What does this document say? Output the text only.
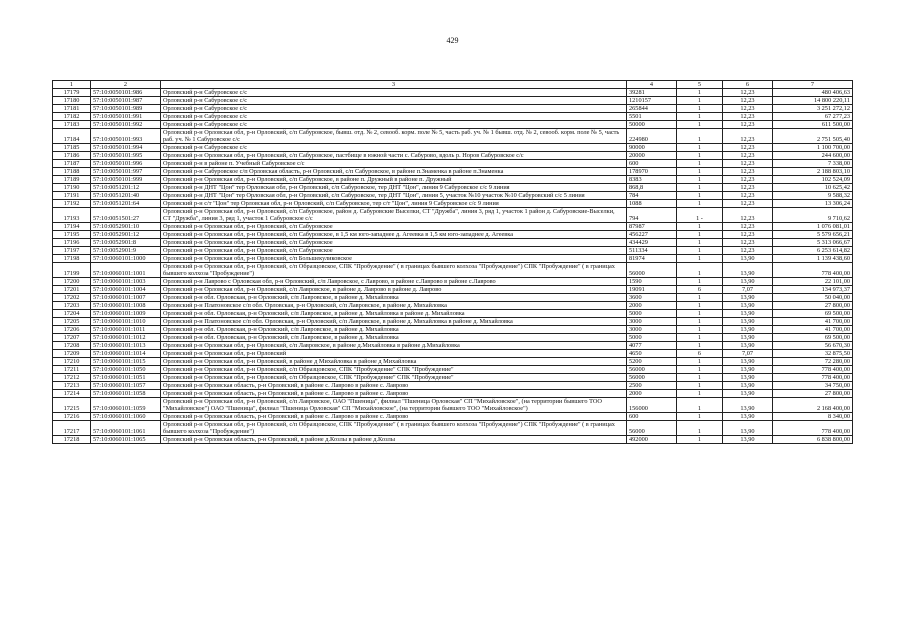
429
1	2	3	4	5	6	7
17179	57:10:0050101:986	Орловский р-н Сабуровское с/с	39281	1	12,23	480 406,63
17180	57:10:0050101:987	Орловский р-н Сабуровское с/с	1210157	1	12,23	14 800 220,11
17181	57:10:0050101:989	Орловский р-н Сабуровское с/с	265844	1	12,23	3 251 272,12
17182	57:10:0050101:991	Орловский р-н Сабуровское с/с	5501	1	12,23	67 277,23
17183	57:10:0050101:992	Орловский р-н Сабуровское с/с	50000	1	12,23	611 500,00
17184	57:10:0050101:993	Орловский р-н Орловская обл, р-н Орловский, с/п Сабуровское, бывш. отд. № 2, севооб. корм. поле № 5, часть раб. уч. № 1 бывш. отд. № 2, севооб. корм. поле № 5, часть раб. уч. № 1 Сабуровское с/с	224980	1	12,23	2 751 505,40
17185	57:10:0050101:994	Орловский р-н Сабуровское с/с	90000	1	12,23	1 100 700,00
17186	57:10:0050101:995	Орловский р-н Орловская обл, р-н Орловский, с/п Сабуровское, пастбище в южной части с. Сабурово, вдоль р. Норов Сабуровское с/с	20000	1	12,23	244 600,00
17187	57:10:0050101:996	Орловский р-н в районе п. Учебный Сабуровское с/с	600	1	12,23	7 338,00
17188	57:10:0050101:997	Орловский р-н Сабуровское с/п Орловская область, р-н Орловский, с/п Сабуровское, в районе п.Знаменка в районе п.Знаменка	178970	1	12,23	2 188 803,10
17189	57:10:0050101:999	Орловский р-н Орловская обл, р-н Орловский, с/п Сабуровское, в районе п. Дружный в районе п. Дружный	8383	1	12,23	102 524,09
17190	57:10:0051201:12	Орловский р-н ДНТ "Цон" тер Орловская обл, р-н Орловский, с/п Сабуровское, тер ДНТ "Цон", линия 9 Сабуровское с/с 9 линия	868,8	1	12,23	10 625,42
17191	57:10:0051201:40	Орловский р-н ДНТ "Цон" тер Орловская обл, р-н Орловский, с/п Сабуровское, тер ДНТ "Цон", линия 5, участок №10 участок №10 Сабуровский с/с 5 линия	784	1	12,23	9 588,32
17192	57:10:0051201:64	Орловский р-н с/т "Цон" тер Орловская обл, р-н Орловский, с/п Сабуровское, тер с/т "Цон", линия 9 Сабуровское с/с 9 линия	1088	1	12,23	13 306,24
17193	57:10:0051501:27	Орловский р-н Орловская обл, р-н Орловский, с/п Сабуровское, район д. Сабуровские Выселки, СТ "Дружба", линия 3, ряд 1, участок 1 район д. Сабуровские-Выселки, СТ "Дружба", линия 3, ряд 1, участок 1 Сабуровское с/с	794	1 -	12,23	9 710,62
17194	57:10:0052901:10	Орловский р-н Орловская обл, р-н Орловский, с/п Сабуровское	87987	1	12,23	1 076 081,01
17195	57:10:0052901:12	Орловский р-н Орловская обл, р-н Орловский, с/п Сабуровское, в 1,5 км юго-западнее д. Агеевка в 1,5 км юго-западнее д. Агеевка	456227	1	12,23	5 579 656,21
17196	57:10:0052901:8	Орловский р-н Орловская обл, р-н Орловский, с/п Сабуровское	434429	1	12,23	5 313 066,67
17197	57:10:0052901:9	Орловский р-н Орловская обл, р-н Орловский, с/п Сабуровское	511334	1	12,23	6 253 614,82
17198	57:10:0060101:1000	Орловский р-н Орловская обл, р-н Орловский, с/п Большекуликовское	81974	1	13,90	1 139 438,60
17199	57:10:0060101:1001	Орловский р-н Орловская обл, р-н Орловский, с/п Образцовское, СПК "Пробуждение" ( в границах бывшего колхоза "Пробуждение") СПК "Пробуждение" ( в границах бывшего колхоза "Пробуждение")	56000	1	13,90	778 400,00
17200	57:10:0060101:1003	Орловский р-н Лаврово с Орловская обл, р-н Орловский, с/п Лавровское, с Лаврово, в районе с.Лаврово в районе с.Лаврово	1590	1	13,90	22 101,00
17201	57:10:0060101:1004	Орловский р-н Орловская обл, р-н Орловский, с/п Лавровское, в районе д. Лаврово в районе д. Лаврово	19091	6	7,07	134 973,37
17202	57:10:0060101:1007	Орловский р-н обл. Орловская, р-н Орловский, с/п Лавровское, в районе д. Михайловка	3600	1	13,90	50 040,00
17203	57:10:0060101:1008	Орловский р-н Платоновское с/п обл. Орловская, р-н Орловский, с/п Лавровское, в районе д. Михайловка	2000	1	13,90	27 800,00
17204	57:10:0060101:1009	Орловский р-н обл. Орловская, р-н Орловский, с/п Лавровское, в районе д. Михайловка в районе д. Михайловка	5000	1	13,90	69 500,00
17205	57:10:0060101:1010	Орловский р-н Платоновское с/п обл. Орловская, р-н Орловский, с/п Лавровское, в районе д. Михайловка в районе д. Михайловка	3000	1	13,90	41 700,00
17206	57:10:0060101:1011	Орловский р-н обл. Орловская, р-н Орловский, с/п Лавровское, в районе д. Михайловка	3000	1	13,90	41 700,00
17207	57:10:0060101:1012	Орловский р-н обл. Орловская, р-н Орловский, с/п Лавровское, в районе д. Михайловка	5000	1	13,90	69 500,00
17208	57:10:0060101:1013	Орловский р-н Орловская обл, р-н Орловский, с/п Лавровское, в районе д.Михайловка в районе д.Михайловка	4077	1	13,90	56 670,30
17209	57:10:0060101:1014	Орловский р-н Орловская обл, р-н Орловский	4650	6	7,07	32 875,50
17210	57:10:0060101:1015	Орловский р-н Орловская обл, р-н Орловский, в районе д Михайловка в районе д Михайловка	5200	1	13,90	72 280,00
17211	57:10:0060101:1050	Орловский р-н Орловская обл, р-н Орловский, с/п Образцовское, СПК "Пробуждение" СПК "Пробуждение"	56000	1	13,90	778 400,00
17212	57:10:0060101:1051	Орловский р-н Орловская обл, р-н Орловский, с/п Образцовское, СПК "Пробуждение" СПК "Пробуждение"	56000	1	13,90	778 400,00
17213	57:10:0060101:1057	Орловский р-н Орловская область, р-н Орловский, в районе с. Лаврово в районе с. Лаврово	2500	1	13,90	34 750,00
17214	57:10:0060101:1058	Орловский р-н Орловская область, р-н Орловский, в районе с. Лаврово в районе с. Лаврово	2000	1	13,90	27 800,00
17215	57:10:0060101:1059	Орловский р-н Орловская обл, р-н Орловский, с/п Лавровское, ОАО "Пшеница", филиал "Пшеница Орловская" СП "Михайловское", (на территории бывшего ТОО "Михайловское") ОАО "Пшеница", филиал "Пшеница Орловская" СП "Михайловское", (на территории бывшего ТОО "Михайловское")	156000	1	13,90	2 168 400,00
17216	57:10:0060101:1060	Орловский р-н Орловская область, р-н Орловский, в районе с. Лаврово в районе с. Лаврово	600	1	13,90	8 340,00
17217	57:10:0060101:1061	Орловский р-н Орловская обл, р-н Орловский, с/п Образцовское, СПК "Пробуждение" ( в границах бывшего колхоза "Пробуждение") СПК "Пробуждение" ( в границах бывшего колхоза "Пробуждение")	56000	1	13,90	778 400,00
17218	57:10:0060101:1065	Орловский р-н Орловская область, р-н Орловский, в районе д.Козлы в районе д.Козлы	492000	1	13,90	6 838 800,00
